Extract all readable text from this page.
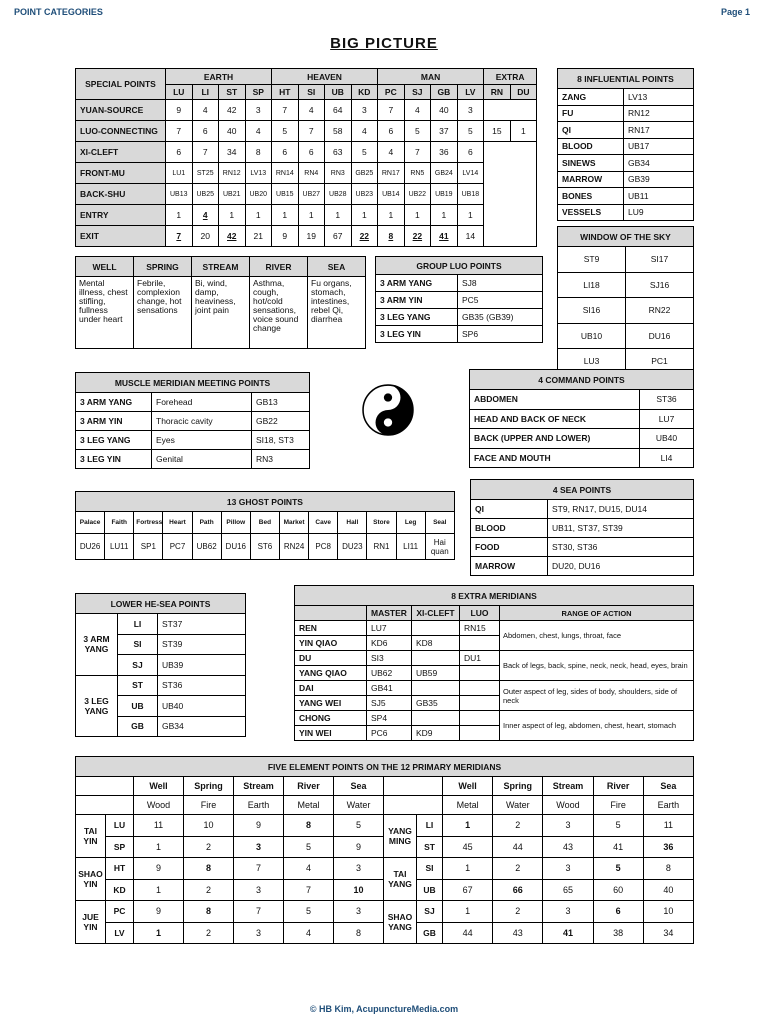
POINT CATEGORIES	Page 1
BIG PICTURE
SPECIAL POINTS	EARTH				HEAVEN				MAN				EXTRA	
	LU	LI	ST	SP	HT	SI	UB	KD	PC	SJ	GB	LV	RN	DU
YUAN-SOURCE	9	4	42	3	7	4	64	3	7	4	40	3		
LUO-CONNECTING	7	6	40	4	5	7	58	4	6	5	37	5	15	1
XI-CLEFT	6	7	34	8	6	6	63	5	4	7	36	6		
FRONT-MU	LU1	ST25	RN12	LV13	RN14	RN4	RN3	GB25	RN17	RN5	GB24	LV14		
BACK-SHU	UB13	UB25	UB21	UB20	UB15	UB27	UB28	UB23	UB14	UB22	UB19	UB18		
ENTRY	1	4	1	1	1	1	1	1	1	1	1	1		
EXIT	7	20	42	21	9	19	67	22	8	22	41	14		
8 INFLUENTIAL POINTS	
ZANG	LV13
FU	RN12
QI	RN17
BLOOD	UB17
SINEWS	GB34
MARROW	GB39
BONES	UB11
VESSELS	LU9
WINDOW OF THE SKY	
ST9	SI17
LI18	SJ16
SI16	RN22
UB10	DU16
LU3	PC1
WELL	SPRING	STREAM	RIVER	SEA
Mental illness, chest stifling, fullness under heart	Febrile, complexion change, hot sensations	Bi, wind, damp, heaviness, joint pain	Asthma, cough, hot/cold sensations, voice sound change	Fu organs, stomach, intestines, rebel Qi, diarrhea
GROUP LUO POINTS	
3 ARM YANG	SJ8
3 ARM YIN	PC5
3 LEG YANG	GB35 (GB39)
3 LEG YIN	SP6
MUSCLE MERIDIAN MEETING POINTS		
3 ARM YANG	Forehead	GB13
3 ARM YIN	Thoracic cavity	GB22
3 LEG YANG	Eyes	SI18, ST3
3 LEG YIN	Genital	RN3
4 COMMAND POINTS	
ABDOMEN	ST36
HEAD AND BACK OF NECK	LU7
BACK (UPPER AND LOWER)	UB40
FACE AND MOUTH	LI4
13 GHOST POINTS												
Palace	Faith	Fortress	Heart	Path	Pillow	Bed	Market	Cave	Hall	Store	Leg	Seal
DU26	LU11	SP1	PC7	UB62	DU16	ST6	RN24	PC8	DU23	RN1	LI11	Hai quan
4 SEA POINTS	
QI	ST9, RN17, DU15, DU14
BLOOD	UB11, ST37, ST39
FOOD	ST30, ST36
MARROW	DU20, DU16
LOWER HE-SEA POINTS		
3 ARM YANG	LI	ST37
	SI	ST39
	SJ	UB39
3 LEG YANG	ST	ST36
	UB	UB40
	GB	GB34
8 EXTRA MERIDIANS				
	MASTER	XI-CLEFT	LUO	RANGE OF ACTION
REN	LU7		RN15	Abdomen, chest, lungs, throat, face
YIN QIAO	KD6	KD8		
DU	SI3		DU1	Back of legs, back, spine, neck, neck, head, eyes, brain
YANG QIAO	UB62	UB59		
DAI	GB41			Outer aspect of leg, sides of body, shoulders, side of neck
YANG WEI	SJ5	GB35		
CHONG	SP4			Inner aspect of leg, abdomen, chest, heart, stomach
YIN WEI	PC6	KD9		
FIVE ELEMENT POINTS ON THE 12 PRIMARY MERIDIANS													
		Well	Spring	Stream	River	Sea			Well	Spring	Stream	River	Sea
		Wood	Fire	Earth	Metal	Water			Metal	Water	Wood	Fire	Earth
TAI YIN	LU	11	10	9	8	5	YANG MING	LI	1	2	3	5	11
	SP	1	2	3	5	9		ST	45	44	43	41	36
SHAO YIN	HT	9	8	7	4	3	TAI YANG	SI	1	2	3	5	8
	KD	1	2	3	7	10		UB	67	66	65	60	40
JUE YIN	PC	9	8	7	5	3	SHAO YANG	SJ	1	2	3	6	10
	LV	1	2	3	4	8		GB	44	43	41	38	34
© HB Kim, AcupunctureMedia.com
